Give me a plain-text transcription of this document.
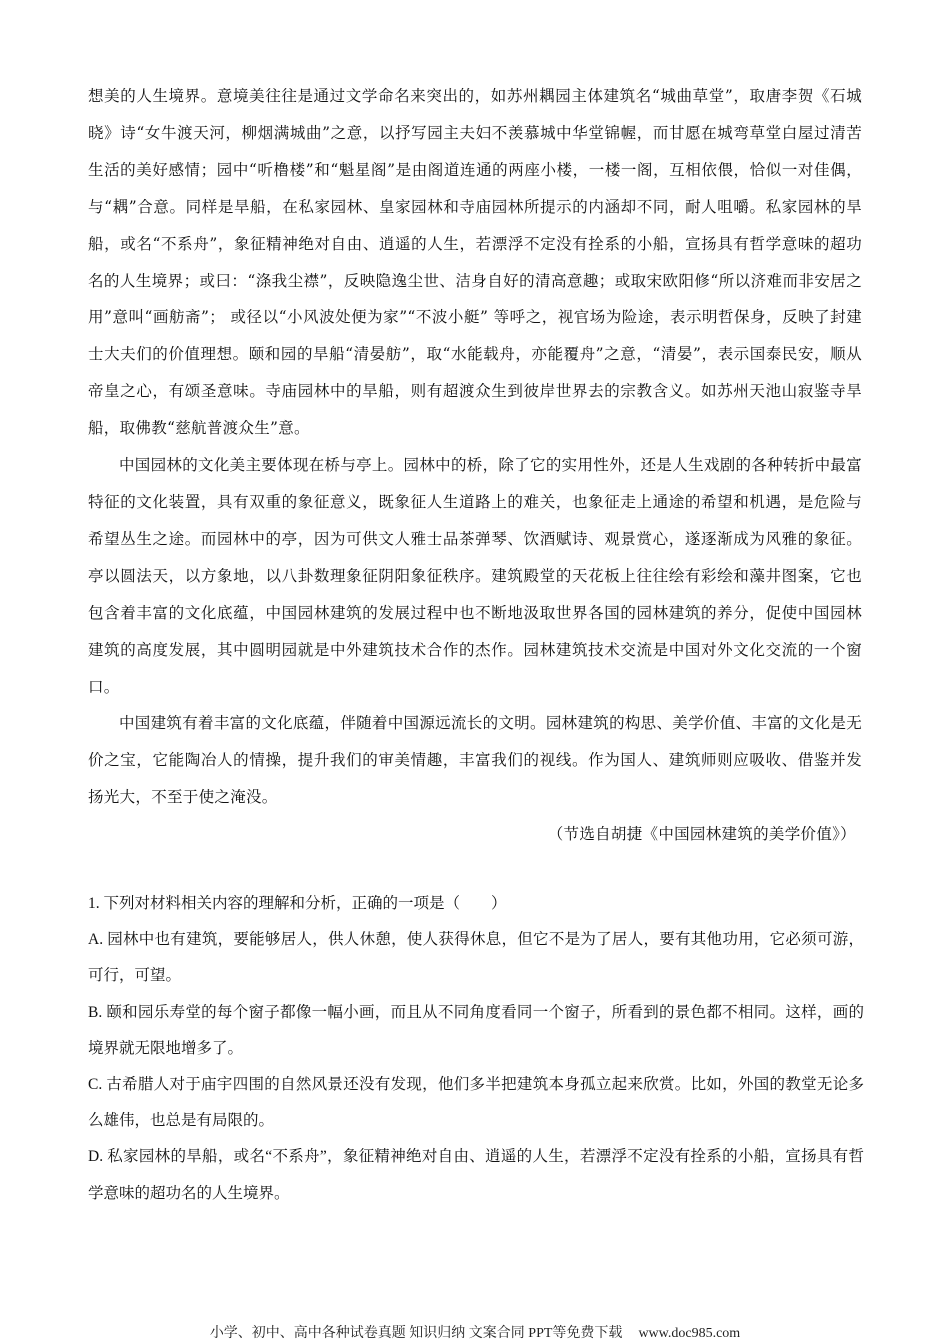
想美的人生境界。意境美往往是通过文学命名来突出的，如苏州耦园主体建筑名“城曲草堂”，取唐李贺《石城晓》诗“女牛渡天河，柳烟满城曲”之意，以抒写园主夫妇不羡慕城中华堂锦幄，而甘愿在城弯草堂白屋过清苦生活的美好感情；园中“听橹楼”和“魁星阁”是由阁道连通的两座小楼，一楼一阁，互相依偎，恰似一对佳偶，与“耦”合意。同样是旱船，在私家园林、皇家园林和寺庙园林所提示的内涵却不同，耐人咀嚼。私家园林的旱船，或名“不系舟”，象征精神绝对自由、逍遥的人生，若漂浮不定没有拴系的小船，宣扬具有哲学意味的超功名的人生境界；或曰：“涤我尘襟”，反映隐逸尘世、洁身自好的清高意趣；或取宋欧阳修“所以济难而非安居之用”意叫“画舫斋”； 或径以“小风波处便为家”“不波小艇” 等呼之，视官场为险途，表示明哲保身，反映了封建士大夫们的价值理想。颐和园的旱船“清晏舫”，取“水能载舟，亦能覆舟”之意，“清晏”，表示国泰民安，顺从帝皇之心，有颂圣意味。寺庙园林中的旱船，则有超渡众生到彼岸世界去的宗教含义。如苏州天池山寂鉴寺旱船，取佛教“慈航普渡众生”意。

中国园林的文化美主要体现在桥与亭上。园林中的桥，除了它的实用性外，还是人生戏剧的各种转折中最富特征的文化装置，具有双重的象征意义，既象征人生道路上的难关，也象征走上通途的希望和机遇，是危险与希望丛生之途。而园林中的亭，因为可供文人雅士品茶弹琴、饮酒赋诗、观景赏心，遂逐渐成为风雅的象征。亭以圆法天，以方象地，以八卦数理象征阴阳象征秩序。建筑殿堂的天花板上往往绘有彩绘和藻井图案，它也包含着丰富的文化底蕴，中国园林建筑的发展过程中也不断地汲取世界各国的园林建筑的养分，促使中国园林建筑的高度发展，其中圆明园就是中外建筑技术合作的杰作。园林建筑技术交流是中国对外文化交流的一个窗口。

中国建筑有着丰富的文化底蕴，伴随着中国源远流长的文明。园林建筑的构思、美学价值、丰富的文化是无价之宝，它能陶冶人的情操，提升我们的审美情趣，丰富我们的视线。作为国人、建筑师则应吸收、借鉴并发扬光大，不至于使之淹没。

（节选自胡捷《中国园林建筑的美学价值》）

1. 下列对材料相关内容的理解和分析，正确的一项是（　　）

A. 园林中也有建筑，要能够居人，供人休憩，使人获得休息，但它不是为了居人，要有其他功用，它必须可游，可行，可望。

B. 颐和园乐寿堂的每个窗子都像一幅小画，而且从不同角度看同一个窗子，所看到的景色都不相同。这样，画的境界就无限地增多了。

C. 古希腊人对于庙宇四围的自然风景还没有发现，他们多半把建筑本身孤立起来欣赏。比如，外国的教堂无论多么雄伟，也总是有局限的。

D. 私家园林的旱船，或名“不系舟”，象征精神绝对自由、逍遥的人生，若漂浮不定没有拴系的小船，宣扬具有哲学意味的超功名的人生境界。

小学、初中、高中各种试卷真题 知识归纳 文案合同 PPT等免费下载 www.doc985.com
